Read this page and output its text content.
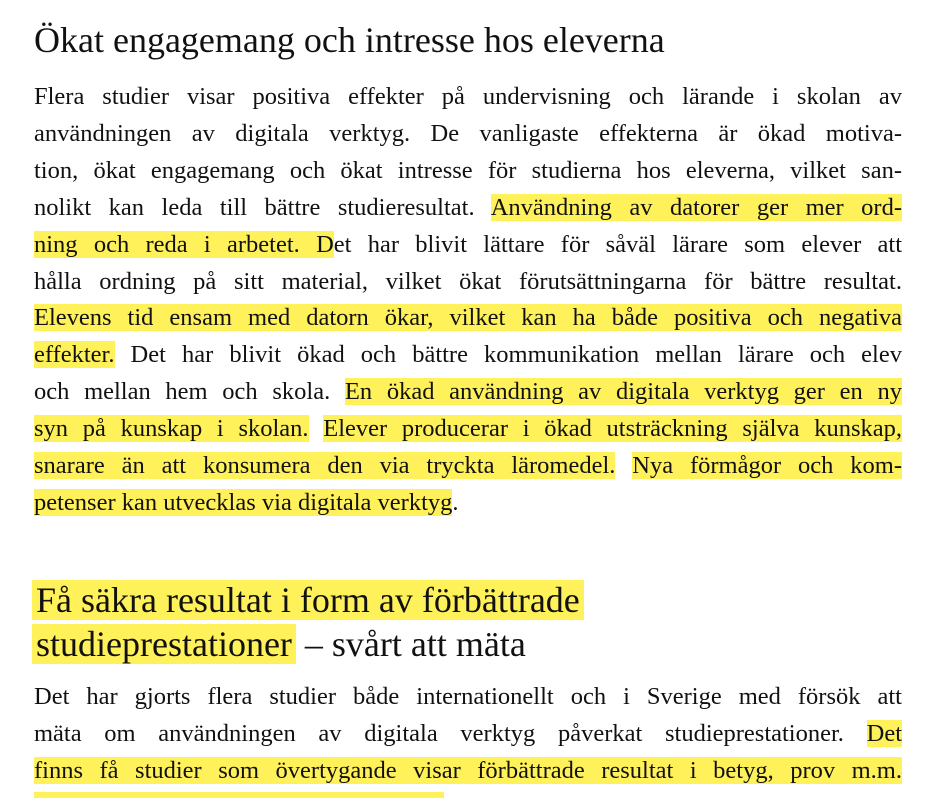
Ökat engagemang och intresse hos eleverna
Flera studier visar positiva effekter på undervisning och lärande i skolan av
användningen av digitala verktyg. De vanligaste effekterna är ökad motiva-
tion, ökat engagemang och ökat intresse för studierna hos eleverna, vilket san-
nolikt kan leda till bättre studieresultat. Användning av datorer ger mer ord-
ning och reda i arbetet. Det har blivit lättare för såväl lärare som elever att
hålla ordning på sitt material, vilket ökat förutsättningarna för bättre resultat.
Elevens tid ensam med datorn ökar, vilket kan ha både positiva och negativa
effekter. Det har blivit ökad och bättre kommunikation mellan lärare och elev
och mellan hem och skola. En ökad användning av digitala verktyg ger en ny
syn på kunskap i skolan. Elever producerar i ökad utsträckning själva kunskap,
snarare än att konsumera den via tryckta läromedel. Nya förmågor och kom-
petenser kan utvecklas via digitala verktyg.
Få säkra resultat i form av förbättrade
studieprestationer – svårt att mäta
Det har gjorts flera studier både internationellt och i Sverige med försök att
mäta om användningen av digitala verktyg påverkat studieprestationer. Det
finns få studier som övertygande visar förbättrade resultat i betyg, prov m.m.
